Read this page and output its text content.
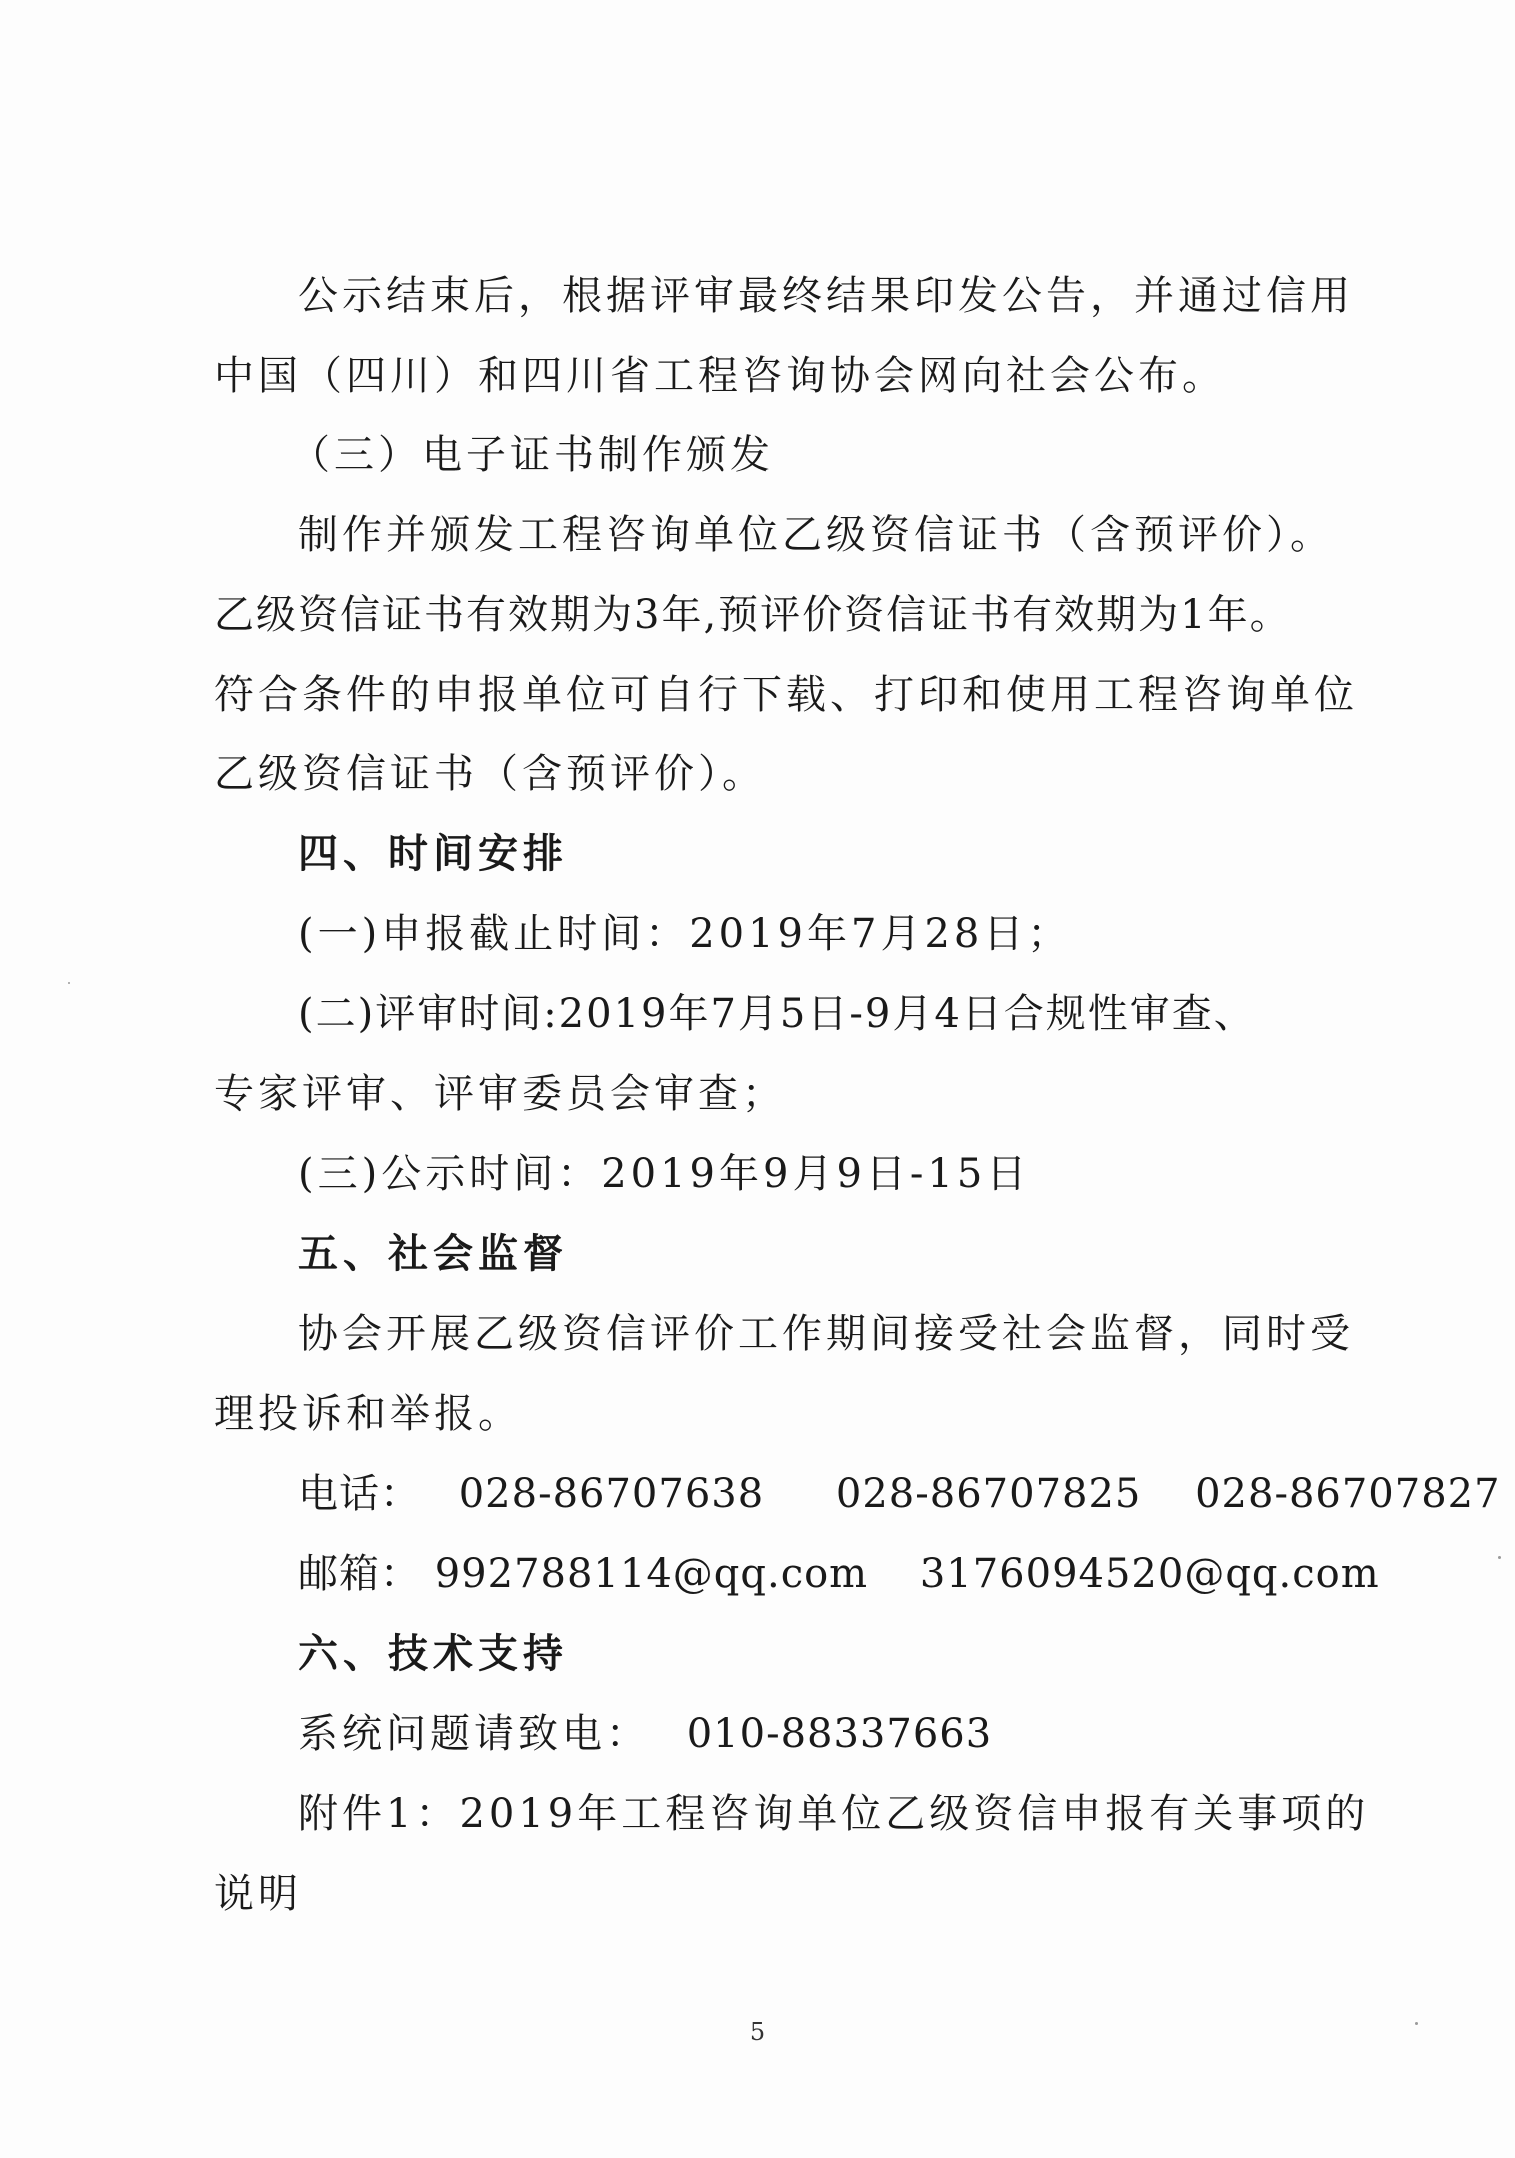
公示结束后，根据评审最终结果印发公告，并通过信用
中国（四川）和四川省工程咨询协会网向社会公布。
（三）电子证书制作颁发
制作并颁发工程咨询单位乙级资信证书（含预评价）。
乙级资信证书有效期为3年,预评价资信证书有效期为1年。
符合条件的申报单位可自行下载、打印和使用工程咨询单位
乙级资信证书（含预评价）。
四、时间安排
(一)申报截止时间：2019年7月28日；
(二)评审时间:2019年7月5日-9月4日合规性审查、
专家评审、评审委员会审查；
(三)公示时间：2019年9月9日-15日
五、社会监督
协会开展乙级资信评价工作期间接受社会监督，同时受
理投诉和举报。
电话： 028-86707638 028-86707825 028-86707827
邮箱： 992788114@qq.com 3176094520@qq.com
六、技术支持
系统问题请致电： 010-88337663
附件1：2019年工程咨询单位乙级资信申报有关事项的
说明
5
